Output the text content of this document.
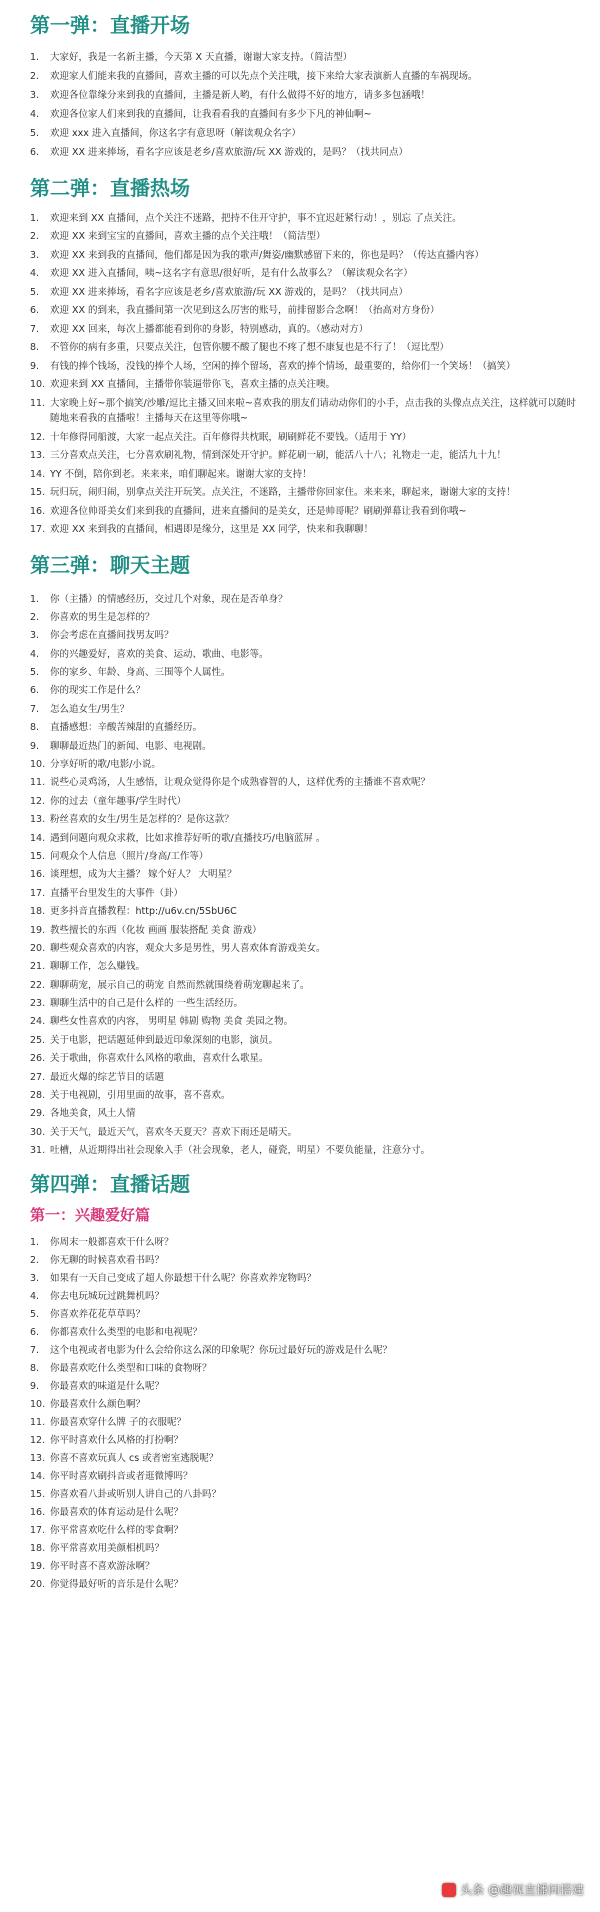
第一弹：直播开场
1.	大家好，我是一名新主播，今天第 X 天直播，谢谢大家支持。（简洁型）
2.	欢迎家人们能来我的直播间，喜欢主播的可以先点个关注哦，接下来给大家表演新人直播的车祸现场。
3.	欢迎各位靠缘分来到我的直播间，主播是新人哟，有什么做得不好的地方，请多多包涵哦！
4.	欢迎各位家人们来到我的直播间，让我看看我的直播间有多少下凡的神仙啊~
5.	欢迎 xxx 进入直播间，你这名字有意思呀（解读观众名字）
6.	欢迎 XX 进来捧场，看名字应该是老乡/喜欢旅游/玩 XX 游戏的，是吗？（找共同点）
第二弹：直播热场
1.	欢迎来到 XX 直播间，点个关注不迷路，把持不住开守护，事不宜迟赶紧行动！，别忘 了点关注。
2.	欢迎 XX 来到宝宝的直播间，喜欢主播的点个关注哦！（简洁型）
3.	欢迎 XX 来到我的直播间，他们都是因为我的歌声/舞姿/幽默感留下来的，你也是吗？（传达直播内容）
4.	欢迎 XX 进入直播间，咦~这名字有意思/很好听，是有什么故事么？（解读观众名字）
5.	欢迎 XX 进来捧场，看名字应该是老乡/喜欢旅游/玩 XX 游戏的，是吗？（找共同点）
6.	欢迎 XX 的到来，我直播间第一次见到这么厉害的账号，前排留影合念啊！（抬高对方身份）
7.	欢迎 XX 回来，每次上播都能看到你的身影，特别感动，真的。（感动对方）
8.	不管你的病有多重，只要点关注，包管你腰不酸了腿也不疼了想不康复也是不行了！（逗比型）
9.	有钱的捧个钱场，没钱的捧个人场，空闲的捧个留场，喜欢的捧个情场，最重要的，给你们一个笑场！（搞笑）
10. 欢迎来到 XX 直播间，主播带你装逼带你飞，喜欢主播的点关注噢。
11. 大家晚上好~那个搞笑/沙雕/逗比主播又回来啦~喜欢我的朋友们请动动你们的小手，点击我的头像点点关注，这样就可以随时随地来看我的直播啦！主播每天在这里等你哦~
12. 十年修得同船渡，大家一起点关注。百年修得共枕眠，刷刷鲜花不要钱。（适用于 YY）
13. 三分喜欢点关注，七分喜欢刷礼物，情到深处开守护。鲜花刷一刷，能活八十八；礼物走一走，能活九十九！
14. YY 不倒，陪你到老。来来来，咱们聊起来。谢谢大家的支持！
15. 玩归玩，闹归闹，别拿点关注开玩笑。点关注，不迷路，主播带你回家住。来来来，聊起来，谢谢大家的支持！
16. 欢迎各位帅哥美女们来到我的直播间，进来直播间的是美女，还是帅哥呢？刷刷弹幕让我看到你哦~
17. 欢迎 XX 来到我的直播间，相遇即是缘分，这里是 XX 同学，快来和我聊聊！
第三弹：聊天主题
1.	你（主播）的情感经历，交过几个对象，现在是否单身？
2.	你喜欢的男生是怎样的？
3.	你会考虑在直播间找男友吗？
4.	你的兴趣爱好，喜欢的美食、运动、歌曲、电影等。
5.	你的家乡、年龄、身高、三围等个人属性。
6.	你的现实工作是什么？
7.	怎么追女生/男生？
8.	直播感想：辛酸苦辣甜的直播经历。
9.	聊聊最近热门的新闻、电影、电视剧。
10. 分享好听的歌/电影/小说。
11. 说些心灵鸡汤，人生感悟，让观众觉得你是个成熟睿智的人，这样优秀的主播谁不喜欢呢？
12. 你的过去（童年趣事/学生时代）
13. 粉丝喜欢的女生/男生是怎样的？是你这款？
14. 遇到问题向观众求救，比如求推荐好听的歌/直播技巧/电脑蓝屏 。
15. 问观众个人信息（照片/身高/工作等）
16. 谈理想，成为大主播？ 嫁个好人？ 大明星？
17. 直播平台里发生的大事件（卦）
18. 更多抖音直播教程：http://u6v.cn/5SbU6C
19. 教些擅长的东西（化妆 画画 服装搭配 美食 游戏）
20. 聊些观众喜欢的内容，观众大多是男性，男人喜欢体育游戏美女。
21. 聊聊工作，怎么赚钱。
22. 聊聊萌宠，展示自己的萌宠 自然而然就围绕着萌宠聊起来了。
23. 聊聊生活中的自己是什么样的 一些生活经历。
24. 聊些女性喜欢的内容， 男明星 韩剧 购物 美食 美园之物。
25. 关于电影，把话题延伸到最近印象深刻的电影，演员。
26. 关于歌曲，你喜欢什么风格的歌曲，喜欢什么歌星。
27. 最近火爆的综艺节目的话题
28. 关于电视剧，引用里面的故事，喜不喜欢。
29. 各地美食，风土人情
30. 关于天气，最近天气，喜欢冬天夏天？喜欢下雨还是晴天。
31. 吐槽，从近期得出社会现象入手（社会现象，老人，碰瓷，明星）不要负能量，注意分寸。
第四弹：直播话题
第一：兴趣爱好篇
1.	你周末一般都喜欢干什么呀？
2.	你无聊的时候喜欢看书吗？
3.	如果有一天自己变成了超人你最想干什么呢？你喜欢养宠物吗？
4.	你去电玩城玩过跳舞机吗？
5.	你喜欢养花花草草吗？
6.	你都喜欢什么类型的电影和电视呢？
7.	这个电视或者电影为什么会给你这么深的印象呢？你玩过最好玩的游戏是什么呢？
8.	你最喜欢吃什么类型和口味的食物呀？
9.	你最喜欢的味道是什么呢？
10. 你最喜欢什么颜色啊？
11. 你最喜欢穿什么牌 子的衣服呢？
12. 你平时喜欢什么风格的打扮啊？
13. 你喜不喜欢玩真人 cs 或者密室逃脱呢？
14. 你平时喜欢刷抖音或者逛微博吗？
15. 你喜欢看八卦或听别人讲自己的八卦吗？
16. 你最喜欢的体育运动是什么呢？
17. 你平常喜欢吃什么样的零食啊？
18. 你平常喜欢用美颜相机吗？
19. 你平时喜不喜欢游泳啊？
20. 你觉得最好听的音乐是什么呢？
头条 @趣视直播间搭建
